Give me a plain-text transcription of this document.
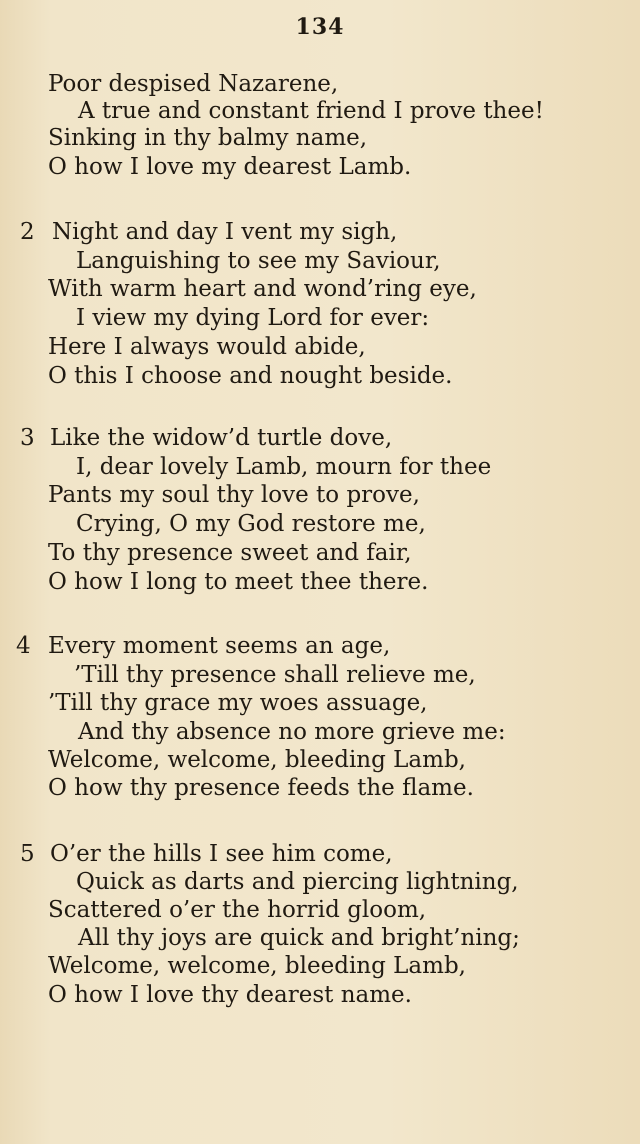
134
Poor despised Nazarene,
A true and constant friend I prove thee!
Sinking in thy balmy name,
O how I love my dearest Lamb.
2 Night and day I vent my sigh,
Languishing to see my Saviour,
With warm heart and wond’ring eye,
I view my dying Lord for ever:
Here I always would abide,
O this I choose and nought beside.
3 Like the widow’d turtle dove,
I, dear lovely Lamb, mourn for thee
Pants my soul thy love to prove,
Crying, O my God restore me,
To thy presence sweet and fair,
O how I long to meet thee there.
4 Every moment seems an age,
’Till thy presence shall relieve me,
’Till thy grace my woes assuage,
And thy absence no more grieve me:
Welcome, welcome, bleeding Lamb,
O how thy presence feeds the flame.
5 O’er the hills I see him come,
Quick as darts and piercing lightning,
Scattered o’er the horrid gloom,
All thy joys are quick and bright’ning;
Welcome, welcome, bleeding Lamb,
O how I love thy dearest name.
